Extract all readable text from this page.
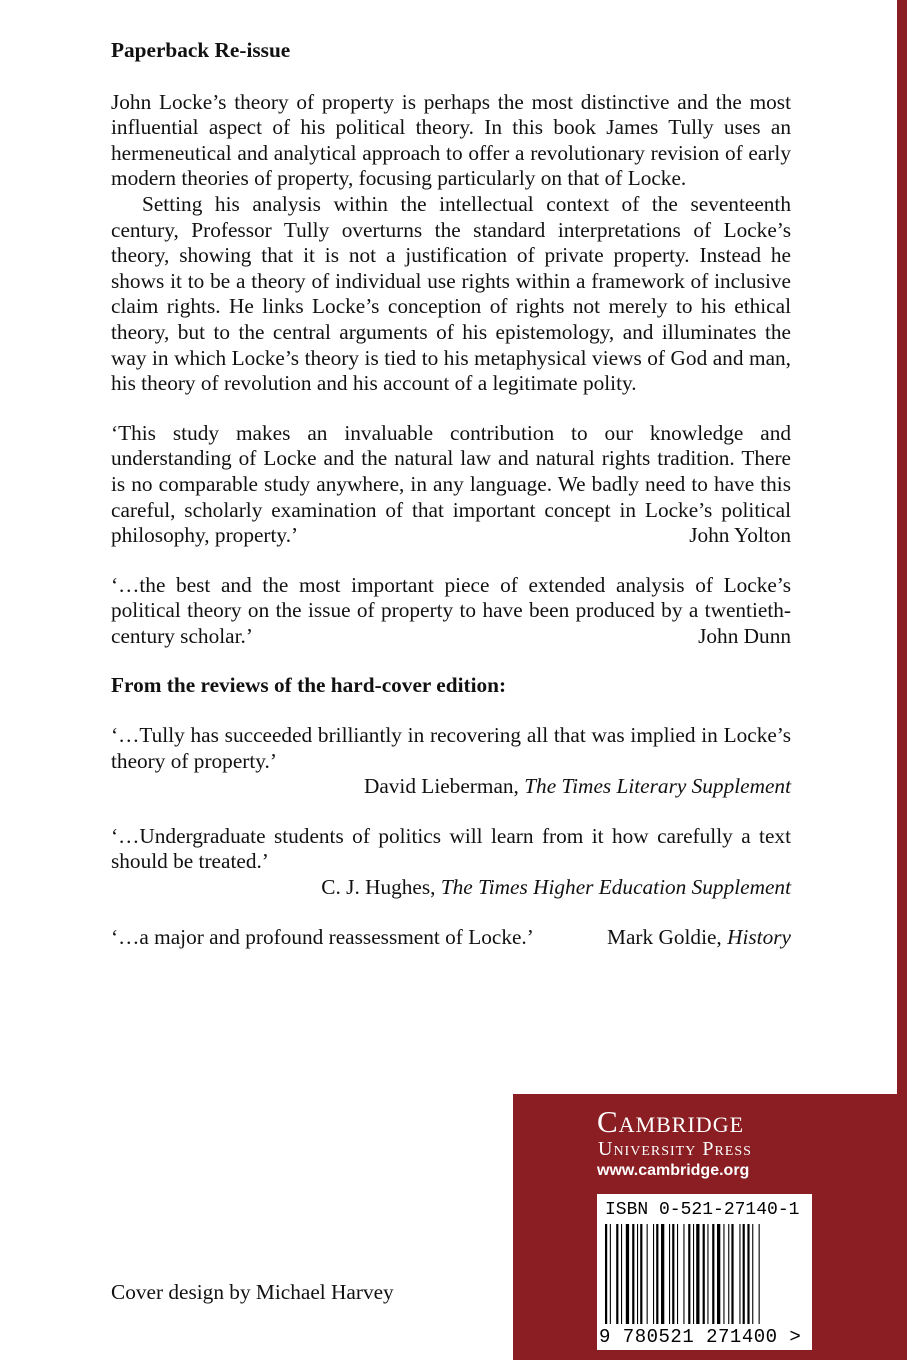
Paperback Re-issue

John Locke’s theory of property is perhaps the most distinctive and the most influential aspect of his political theory. In this book James Tully uses an hermeneutical and analytical approach to offer a revolutionary revision of early modern theories of property, focusing particularly on that of Locke.

Setting his analysis within the intellectual context of the seventeenth century, Professor Tully overturns the standard interpretations of Locke’s theory, showing that it is not a justification of private property. Instead he shows it to be a theory of individual use rights within a framework of inclusive claim rights. He links Locke’s conception of rights not merely to his ethical theory, but to the central arguments of his epistemology, and illuminates the way in which Locke’s theory is tied to his metaphysical views of God and man, his theory of revolution and his account of a legitimate polity.

‘This study makes an invaluable contribution to our knowledge and understanding of Locke and the natural law and natural rights tradition. There is no comparable study anywhere, in any language. We badly need to have this careful, scholarly examination of that important concept in Locke’s political philosophy, property.’	John Yolton

‘…the best and the most important piece of extended analysis of Locke’s political theory on the issue of property to have been produced by a twentieth-century scholar.’	John Dunn

From the reviews of the hard-cover edition:

‘…Tully has succeeded brilliantly in recovering all that was implied in Locke’s theory of property.’

David Lieberman, The Times Literary Supplement

‘…Undergraduate students of politics will learn from it how carefully a text should be treated.’

C. J. Hughes, The Times Higher Education Supplement

‘…a major and profound reassessment of Locke.’	Mark Goldie, History

Cover design by Michael Harvey
Cambridge
University Press
www.cambridge.org
ISBN 0-521-27140-1
9 780521 271400 >
